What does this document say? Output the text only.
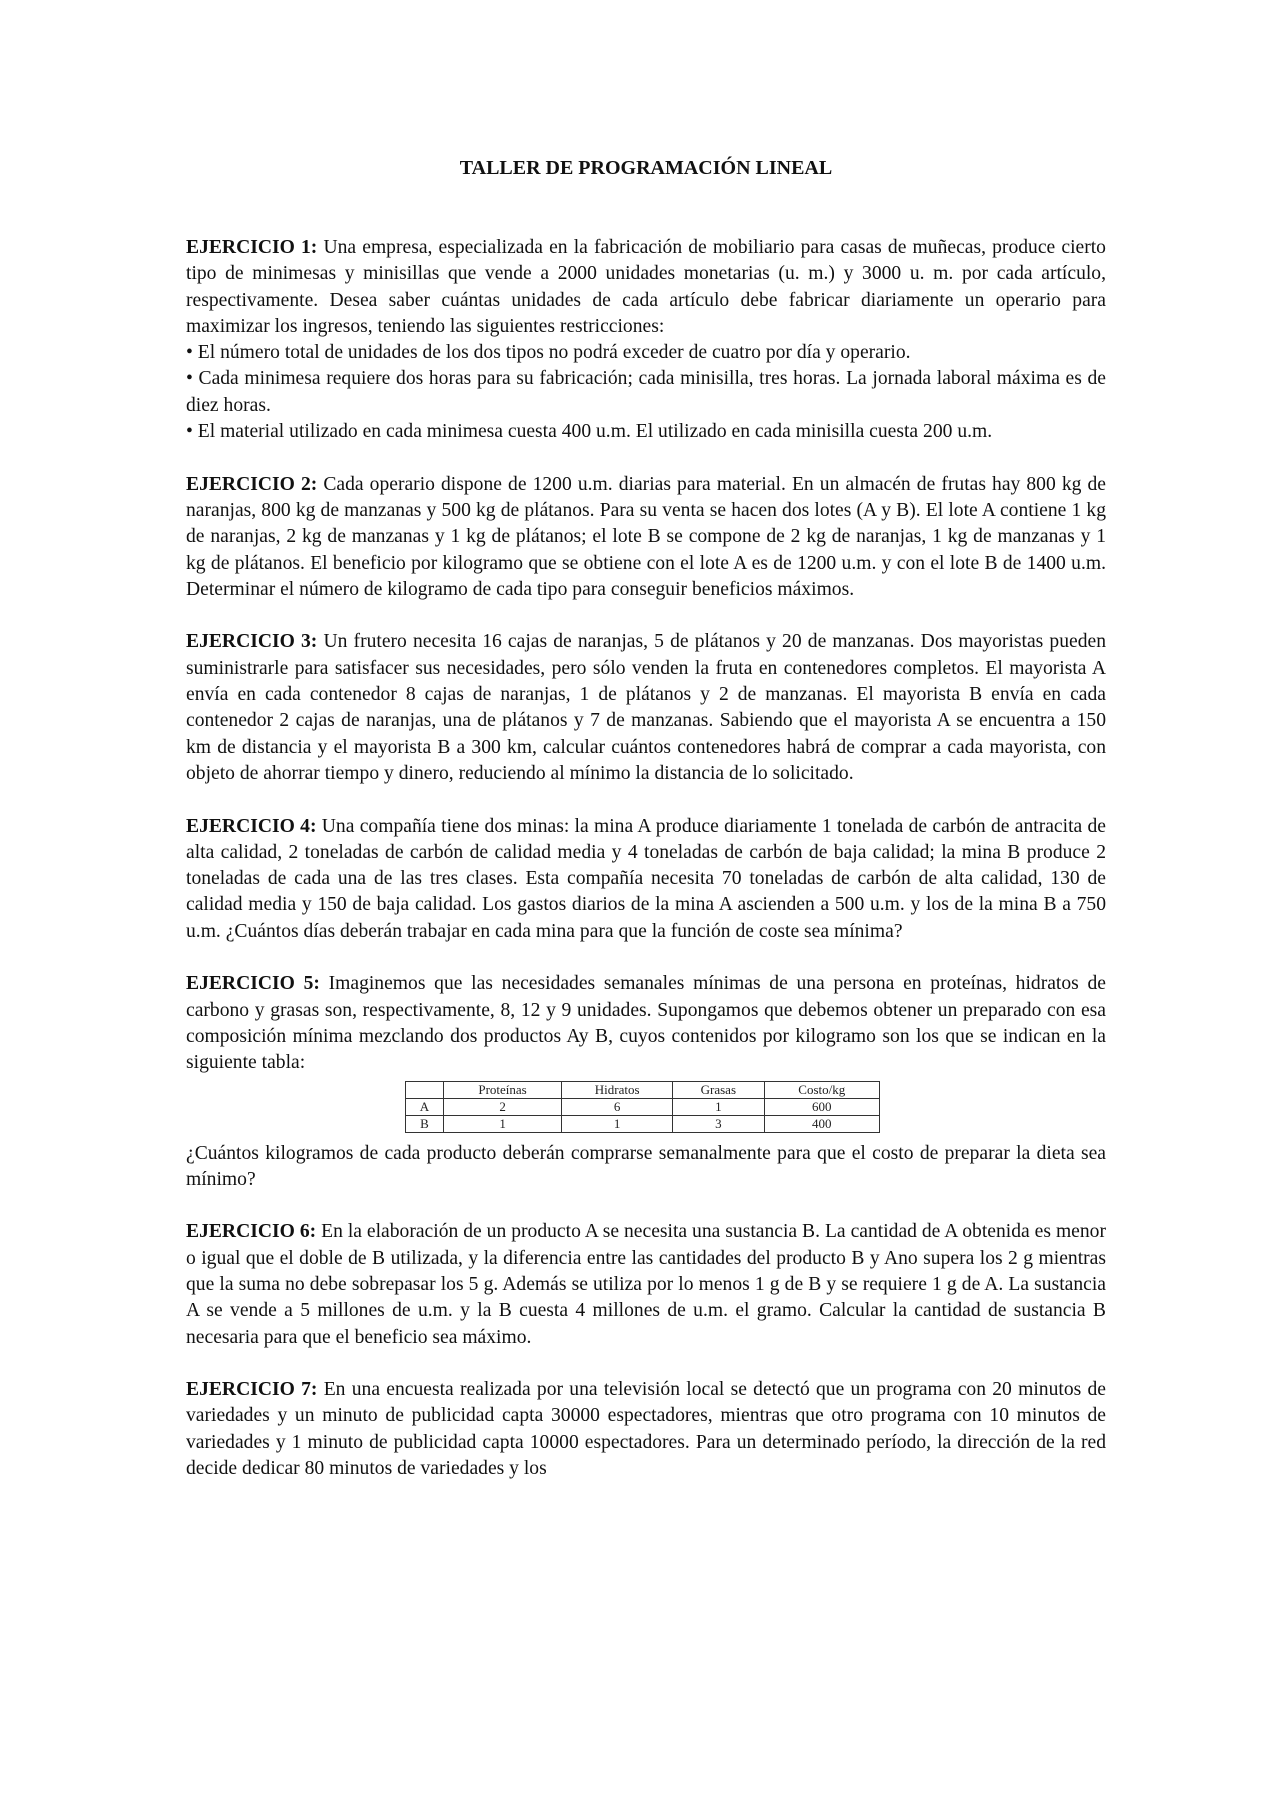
TALLER DE PROGRAMACIÓN LINEAL

EJERCICIO 1: Una empresa, especializada en la fabricación de mobiliario para casas de muñecas, produce cierto tipo de minimesas y minisillas que vende a 2000 unidades monetarias (u. m.) y 3000 u. m. por cada artículo, respectivamente. Desea saber cuántas unidades de cada artículo debe fabricar diariamente un operario para maximizar los ingresos, teniendo las siguientes restricciones:

• El número total de unidades de los dos tipos no podrá exceder de cuatro por día y operario.

• Cada minimesa requiere dos horas para su fabricación; cada minisilla, tres horas. La jornada laboral máxima es de diez horas.

• El material utilizado en cada minimesa cuesta 400 u.m. El utilizado en cada minisilla cuesta 200 u.m.

EJERCICIO 2: Cada operario dispone de 1200 u.m. diarias para material. En un almacén de frutas hay 800 kg de naranjas, 800 kg de manzanas y 500 kg de plátanos. Para su venta se hacen dos lotes (A y B). El lote A contiene 1 kg de naranjas, 2 kg de manzanas y 1 kg de plátanos; el lote B se compone de 2 kg de naranjas, 1 kg de manzanas y 1 kg de plátanos. El beneficio por kilogramo que se obtiene con el lote A es de 1200 u.m. y con el lote B de 1400 u.m. Determinar el número de kilogramo de cada tipo para conseguir beneficios máximos.

EJERCICIO 3: Un frutero necesita 16 cajas de naranjas, 5 de plátanos y 20 de manzanas. Dos mayoristas pueden suministrarle para satisfacer sus necesidades, pero sólo venden la fruta en contenedores completos. El mayorista A envía en cada contenedor 8 cajas de naranjas, 1 de plátanos y 2 de manzanas. El mayorista B envía en cada contenedor 2 cajas de naranjas, una de plátanos y 7 de manzanas. Sabiendo que el mayorista A se encuentra a 150 km de distancia y el mayorista B a 300 km, calcular cuántos contenedores habrá de comprar a cada mayorista, con objeto de ahorrar tiempo y dinero, reduciendo al mínimo la distancia de lo solicitado.

EJERCICIO 4: Una compañía tiene dos minas: la mina A produce diariamente 1 tonelada de carbón de antracita de alta calidad, 2 toneladas de carbón de calidad media y 4 toneladas de carbón de baja calidad; la mina B produce 2 toneladas de cada una de las tres clases. Esta compañía necesita 70 toneladas de carbón de alta calidad, 130 de calidad media y 150 de baja calidad. Los gastos diarios de la mina A ascienden a 500 u.m. y los de la mina B a 750 u.m. ¿Cuántos días deberán trabajar en cada mina para que la función de coste sea mínima?

EJERCICIO 5: Imaginemos que las necesidades semanales mínimas de una persona en proteínas, hidratos de carbono y grasas son, respectivamente, 8, 12 y 9 unidades. Supongamos que debemos obtener un preparado con esa composición mínima mezclando dos productos Ay B, cuyos contenidos por kilogramo son los que se indican en la siguiente tabla:

	Proteínas	Hidratos	Grasas	Costo/kg
A	2	6	1	600
B	1	1	3	400

¿Cuántos kilogramos de cada producto deberán comprarse semanalmente para que el costo de preparar la dieta sea mínimo?

EJERCICIO 6: En la elaboración de un producto A se necesita una sustancia B. La cantidad de A obtenida es menor o igual que el doble de B utilizada, y la diferencia entre las cantidades del producto B y Ano supera los 2 g mientras que la suma no debe sobrepasar los 5 g. Además se utiliza por lo menos 1 g de B y se requiere 1 g de A. La sustancia A se vende a 5 millones de u.m. y la B cuesta 4 millones de u.m. el gramo. Calcular la cantidad de sustancia B necesaria para que el beneficio sea máximo.

EJERCICIO 7: En una encuesta realizada por una televisión local se detectó que un programa con 20 minutos de variedades y un minuto de publicidad capta 30000 espectadores, mientras que otro programa con 10 minutos de variedades y 1 minuto de publicidad capta 10000 espectadores. Para un determinado período, la dirección de la red decide dedicar 80 minutos de variedades y los
